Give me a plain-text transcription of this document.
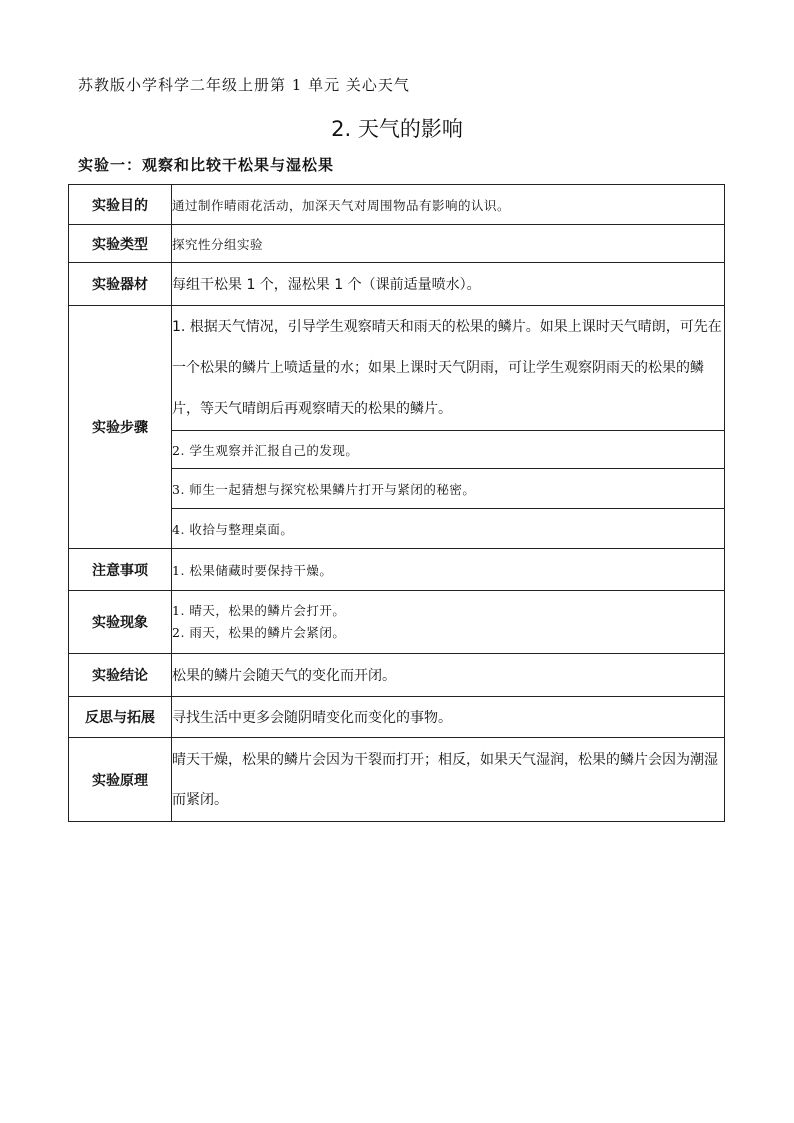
苏教版小学科学二年级上册第 1 单元 关心天气
2. 天气的影响
实验一：观察和比较干松果与湿松果
实验目的	通过制作晴雨花活动，加深天气对周围物品有影响的认识。
实验类型	探究性分组实验
实验器材	每组干松果 1 个，湿松果 1 个（课前适量喷水）。
实验步骤	1. 根据天气情况，引导学生观察晴天和雨天的松果的鳞片。如果上课时天气晴朗，可先在一个松果的鳞片上喷适量的水；如果上课时天气阴雨，可让学生观察阴雨天的松果的鳞片，等天气晴朗后再观察晴天的松果的鳞片。
	2. 学生观察并汇报自己的发现。
	3. 师生一起猜想与探究松果鳞片打开与紧闭的秘密。
	4. 收拾与整理桌面。
注意事项	1. 松果储藏时要保持干燥。
实验现象	1. 晴天，松果的鳞片会打开。
2. 雨天，松果的鳞片会紧闭。

实验结论	松果的鳞片会随天气的变化而开闭。
反思与拓展	寻找生活中更多会随阴晴变化而变化的事物。
实验原理	晴天干燥，松果的鳞片会因为干裂而打开；相反，如果天气湿润，松果的鳞片会因为潮湿而紧闭。
